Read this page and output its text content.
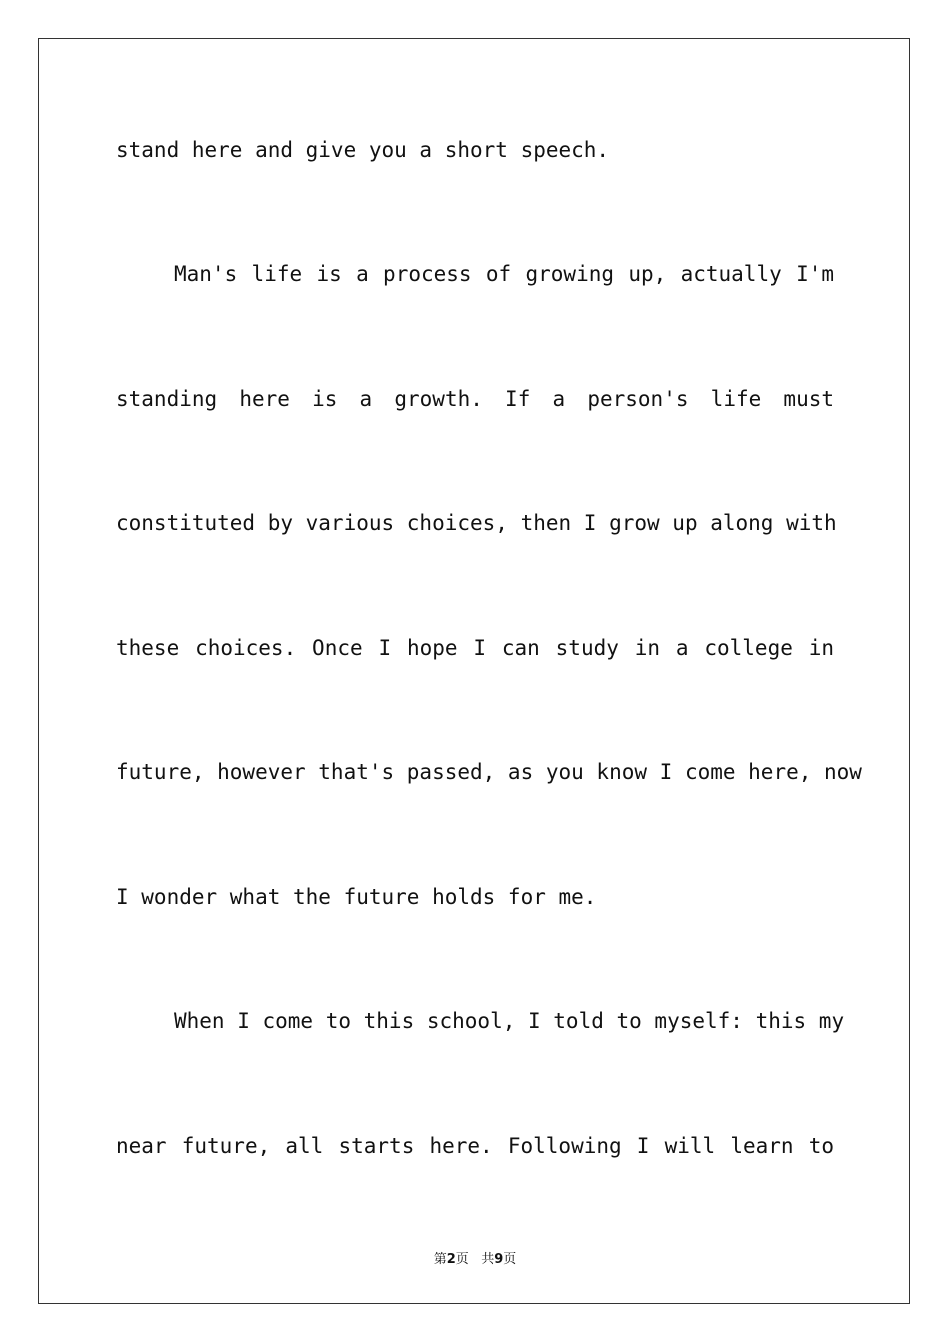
stand here and give you a short speech.
Man's life is a process of growing up, actually I'm
standing here is a growth. If a person's life must
constituted by various choices, then I grow up along with
these choices. Once I hope I can study in a college in
future, however that's passed, as you know I come here, now
I wonder what the future holds for me.
When I come to this school, I told to myself: this my
near future, all starts here. Following I will learn to
第2页 共9页
